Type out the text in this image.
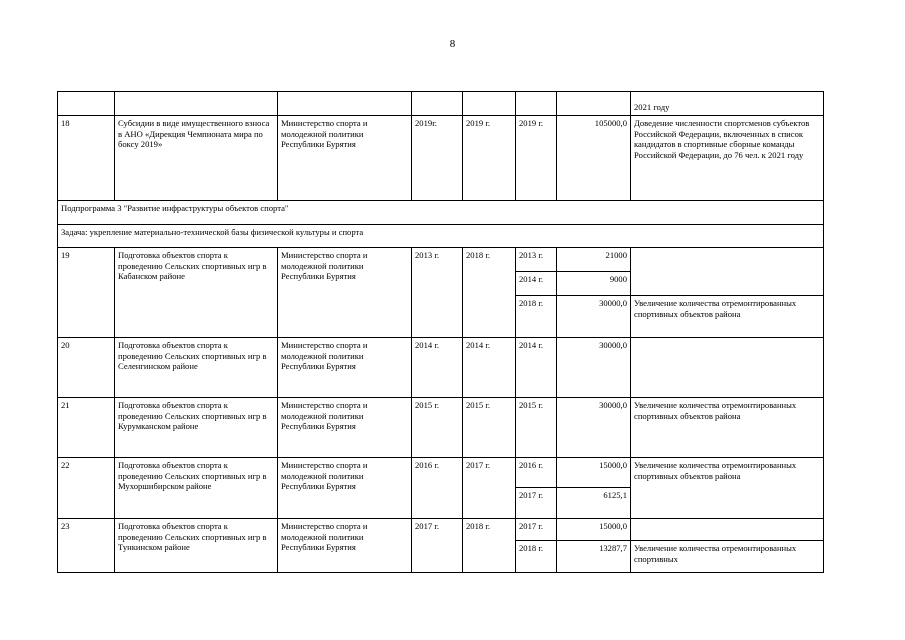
8
							2021 году
18	Субсидии в виде имущественного взноса в АНО «Дирекция Чемпионата мира по боксу 2019»	Министерство спорта и молодежной политики Республики Бурятия	2019г.	2019 г.	2019 г.	105000,0	Доведение численности спортсменов субъектов Российской Федерации, включенных в список кандидатов в спортивные сборные команды Российской Федерации, до 76 чел. к 2021 году
Подпрограмма 3 "Развитие инфраструктуры объектов спорта"							
Задача: укрепление материально-технической базы физической культуры и спорта							
19	Подготовка объектов спорта к проведению Сельских спортивных игр в Кабанском районе	Министерство спорта и молодежной политики Республики Бурятия	2013 г.	2018 г.	2013 г.	21000	
					2014 г.	9000	
					2018 г.	30000,0	Увеличение количества отремонтированных спортивных объектов района
20	Подготовка объектов спорта к проведению Сельских спортивных игр в Селенгинском районе	Министерство спорта и молодежной политики Республики Бурятия	2014 г.	2014 г.	2014 г.	30000,0	
21	Подготовка объектов спорта к проведению Сельских спортивных игр в Курумканском районе	Министерство спорта и молодежной политики Республики Бурятия	2015 г.	2015 г.	2015 г.	30000,0	Увеличение количества отремонтированных спортивных объектов района
22	Подготовка объектов спорта к проведению Сельских спортивных игр в Мухоршибирском районе	Министерство спорта и молодежной политики Республики Бурятия	2016 г.	2017 г.	2016 г.	15000,0	Увеличение количества отремонтированных спортивных объектов района
					2017 г.	6125,1	
23	Подготовка объектов спорта к проведению Сельских спортивных игр в Тункинском районе	Министерство спорта и молодежной политики Республики Бурятия	2017 г.	2018 г.	2017 г.	15000,0	
					2018 г.	13287,7	Увеличение количества отремонтированных спортивных
